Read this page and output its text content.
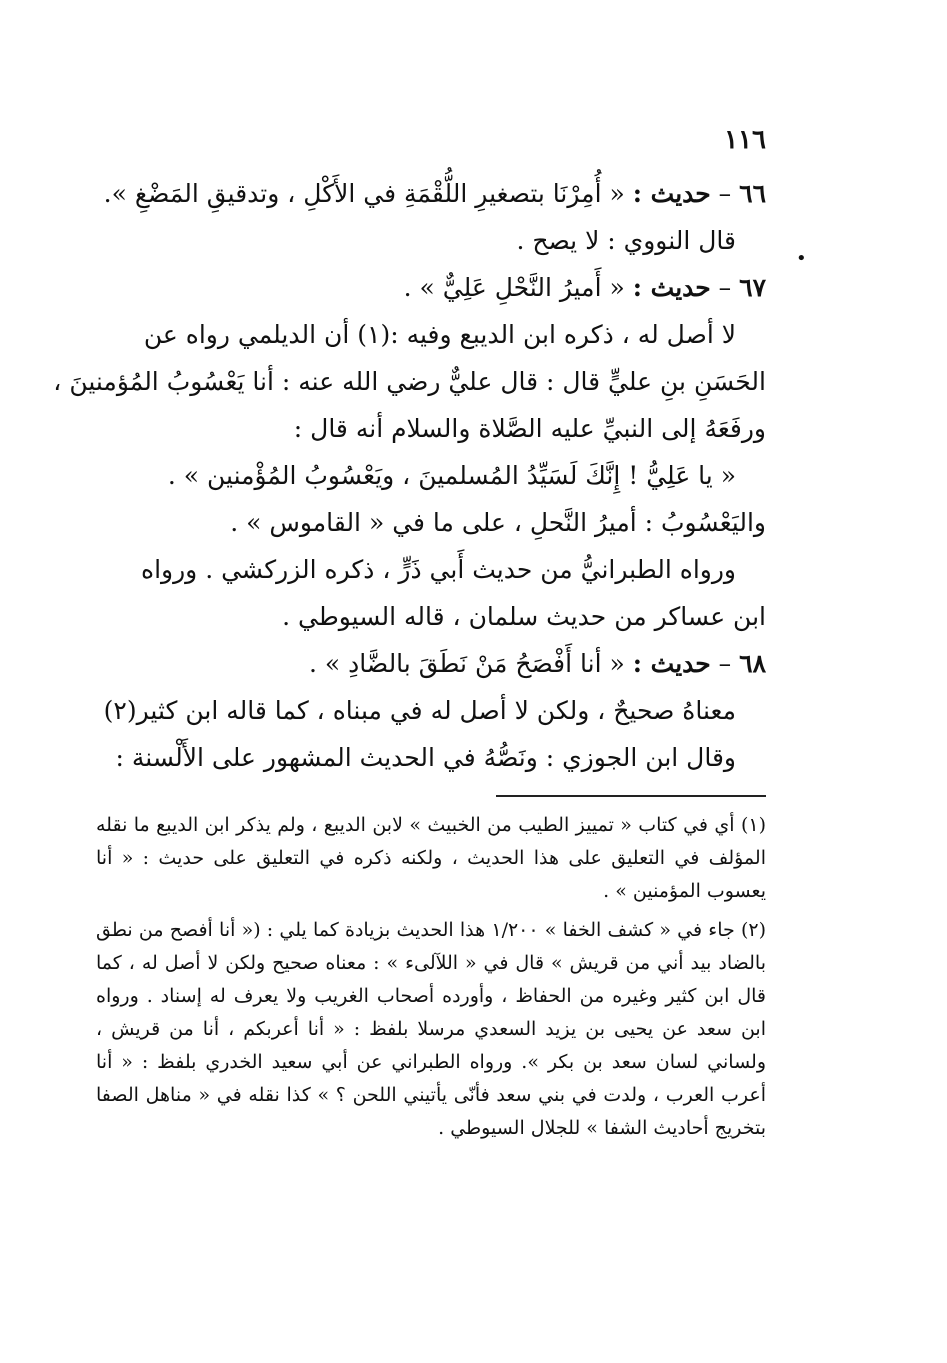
١١٦

٦٦ – حديث : « أُمِرْنَا بتصغيرِ اللُّقْمَةِ في الأَكْلِ ، وتدقيقِ المَضْغِ ».

قال النووي : لا يصح .

٦٧ – حديث : « أَميرُ النَّحْلِ عَلِيٌّ » .

لا أصل له ، ذكره ابن الديبع وفيه :(١) أن الديلمي رواه عن

الحَسَنِ بنِ عليٍّ قال : قال عليٌّ رضي الله عنه : أنا يَعْسُوبُ المُؤمنينَ ،

ورفَعَهُ إلى النبيِّ عليه الصَّلاة والسلام أنه قال :

« يا عَلِيُّ ! إِنَّكَ لَسَيِّدُ المُسلمينَ ، ويَعْسُوبُ المُؤْمنين » .

واليَعْسُوبُ : أميرُ النَّحلِ ، على ما في « القاموس » .

ورواه الطبرانيُّ من حديث أَبي ذَرٍّ ، ذكره الزركشي . ورواه

ابن عساكر من حديث سلمان ، قاله السيوطي .

٦٨ – حديث : « أنا أَفْصَحُ مَنْ نَطَقَ بالضَّادِ » .

معناهُ صحيحٌ ، ولكن لا أصل له في مبناه ، كما قاله ابن كثير(٢)

وقال ابن الجوزي : ونَصُّهُ في الحديث المشهور على الأَلْسنة :

(١) أي في كتاب « تمييز الطيب من الخبيث » لابن الديبع ، ولم يذكر ابن الديبع ما نقله المؤلف في التعليق على هذا الحديث ، ولكنه ذكره في التعليق على حديث : « أنا يعسوب المؤمنين » .

(٢) جاء في « كشف الخفا » ١/٢٠٠ هذا الحديث بزيادة كما يلي : (« أنا أفصح من نطق بالضاد بيد أني من قريش » قال في « اللآلىء » : معناه صحيح ولكن لا أصل له ، كما قال ابن كثير وغيره من الحفاظ ، وأورده أصحاب الغريب ولا يعرف له إسناد . ورواه ابن سعد عن يحيى بن يزيد السعدي مرسلا بلفظ : « أنا أعربكم ، أنا من قريش ، ولساني لسان سعد بن بكر ». ورواه الطبراني عن أبي سعيد الخدري بلفظ : « أنا أعرب العرب ، ولدت في بني سعد فأنّى يأتيني اللحن ؟ » كذا نقله في « مناهل الصفا بتخريج أحاديث الشفا » للجلال السيوطي .

•
